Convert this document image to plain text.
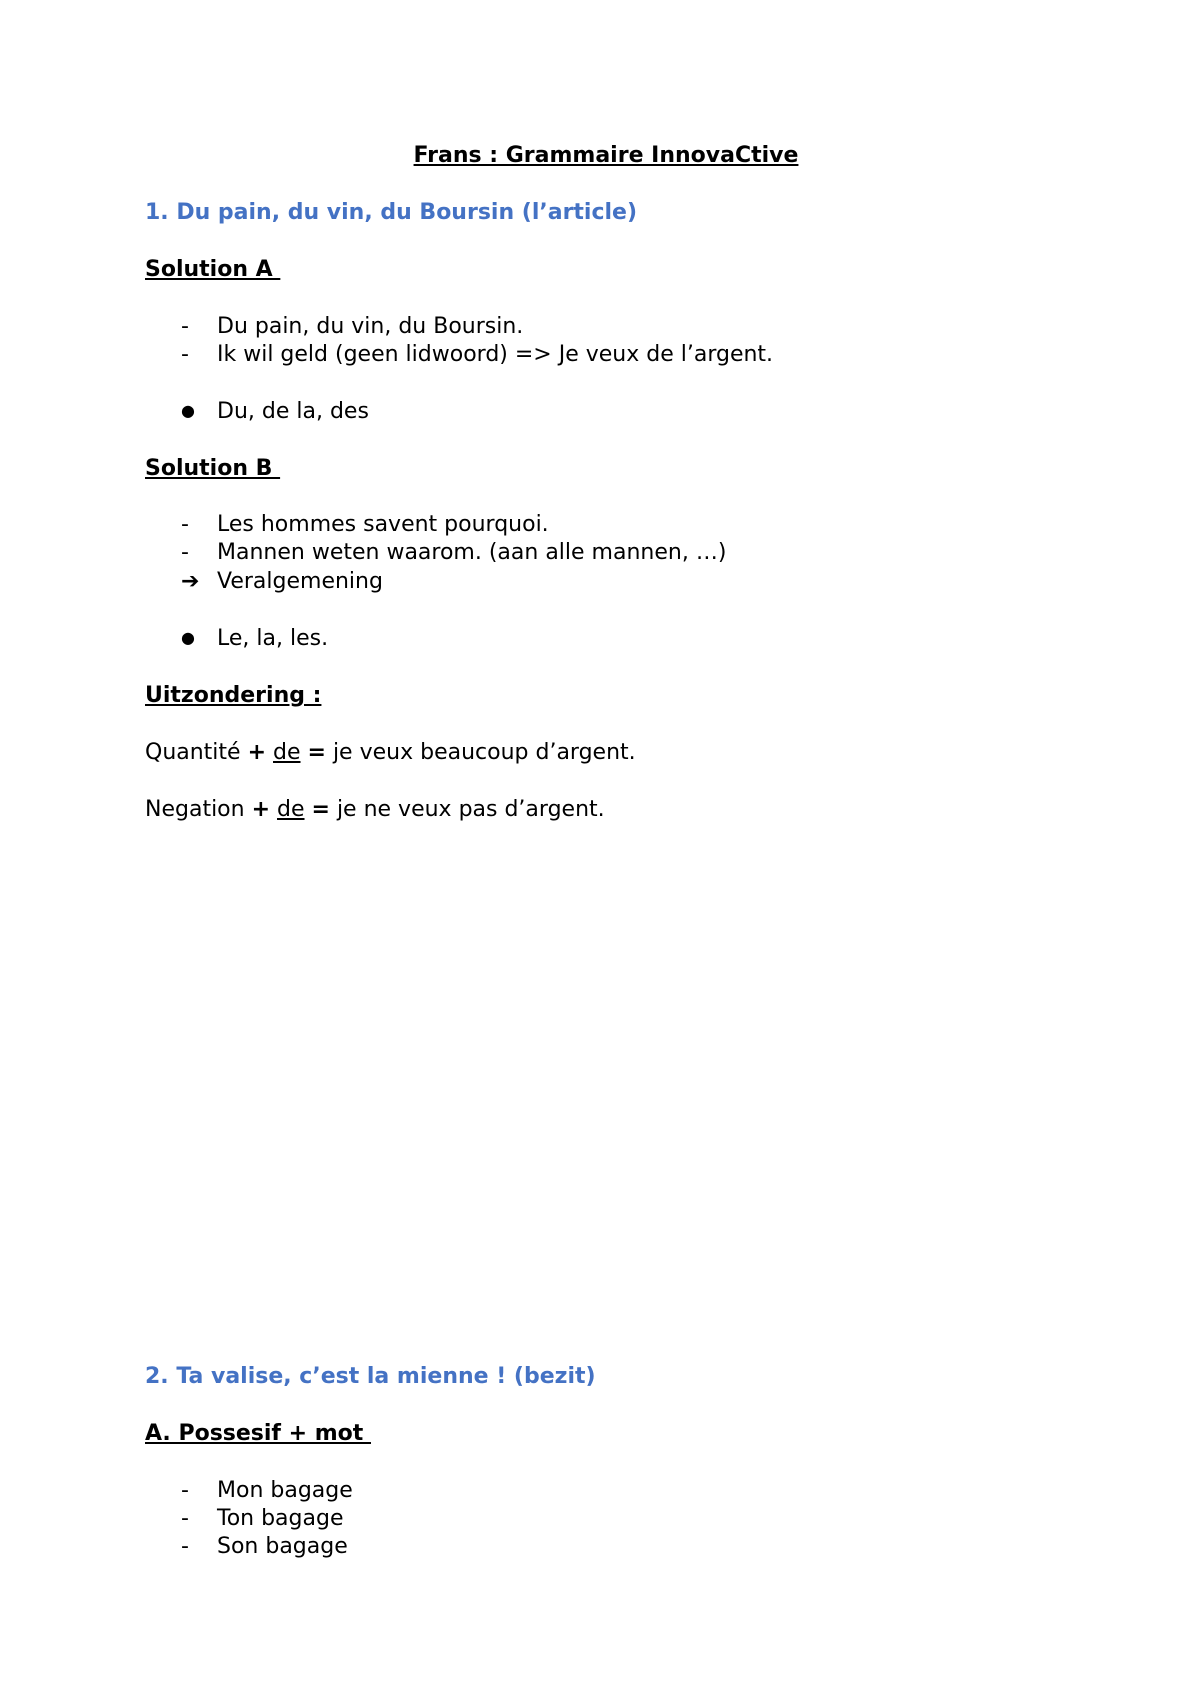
Frans : Grammaire InnovaCtive
1. Du pain, du vin, du Boursin (l’article)
Solution A
- Du pain, du vin, du Boursin.
- Ik wil geld (geen lidwoord) => Je veux de l’argent.
● Du, de la, des
Solution B
- Les hommes savent pourquoi.
- Mannen weten waarom. (aan alle mannen, …)
➔ Veralgemening
● Le, la, les.
Uitzondering :
Quantité + de = je veux beaucoup d’argent.
Negation + de = je ne veux pas d’argent.
2. Ta valise, c’est la mienne ! (bezit)
A. Possesif + mot
- Mon bagage
- Ton bagage
- Son bagage
